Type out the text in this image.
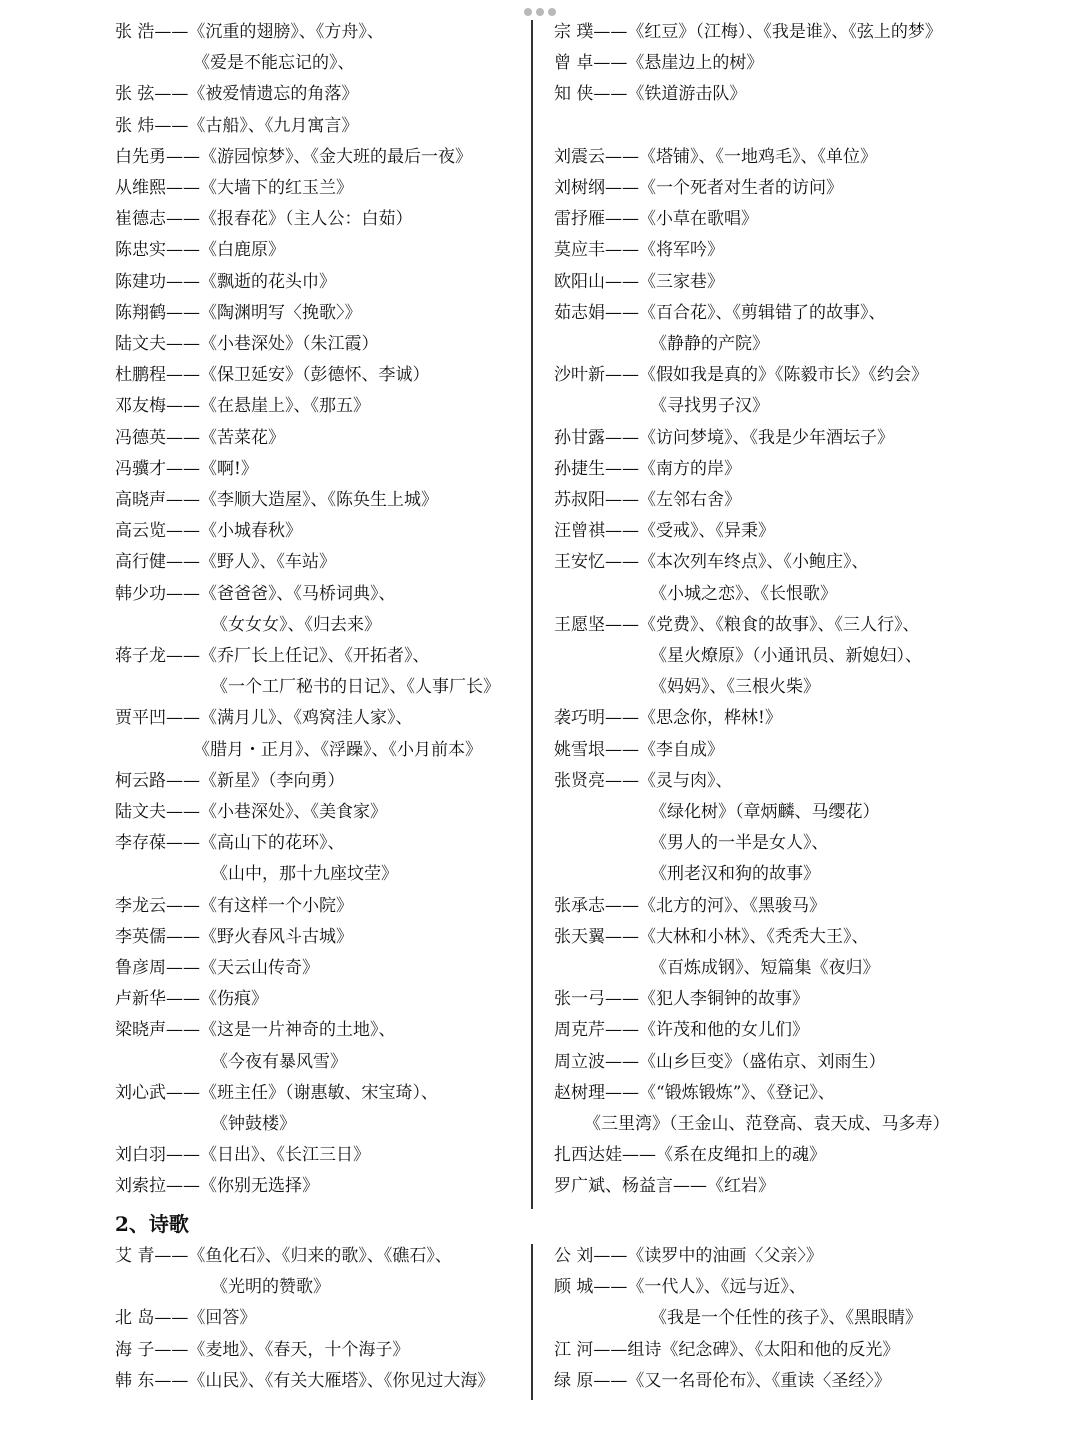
张 浩——《沉重的翅膀》、《方舟》、
《爱是不能忘记的》、
张 弦——《被爱情遗忘的角落》
张 炜——《古船》、《九月寓言》
白先勇——《游园惊梦》、《金大班的最后一夜》
从维熙——《大墙下的红玉兰》
崔德志——《报春花》（主人公：白茹）
陈忠实——《白鹿原》
陈建功——《飘逝的花头巾》
陈翔鹤——《陶渊明写〈挽歌〉》
陆文夫——《小巷深处》（朱江霞）
杜鹏程——《保卫延安》（彭德怀、李诚）
邓友梅——《在悬崖上》、《那五》
冯德英——《苦菜花》
冯骥才——《啊!》
高晓声——《李顺大造屋》、《陈奂生上城》
高云览——《小城春秋》
高行健——《野人》、《车站》
韩少功——《爸爸爸》、《马桥词典》、
《女女女》、《归去来》
蒋子龙——《乔厂长上任记》、《开拓者》、
《一个工厂秘书的日记》、《人事厂长》
贾平凹——《满月儿》、《鸡窝洼人家》、
《腊月・正月》、《浮躁》、《小月前本》
柯云路——《新星》（李向勇）
陆文夫——《小巷深处》、《美食家》
李存葆——《高山下的花环》、
《山中，那十九座坟茔》
李龙云——《有这样一个小院》
李英儒——《野火春风斗古城》
鲁彦周——《天云山传奇》
卢新华——《伤痕》
梁晓声——《这是一片神奇的土地》、
《今夜有暴风雪》
刘心武——《班主任》（谢惠敏、宋宝琦）、
《钟鼓楼》
刘白羽——《日出》、《长江三日》
刘索拉——《你别无选择》
宗 璞——《红豆》（江梅）、《我是谁》、《弦上的梦》
曾 卓——《悬崖边上的树》
知 侠——《铁道游击队》
刘震云——《塔铺》、《一地鸡毛》、《单位》
刘树纲——《一个死者对生者的访问》
雷抒雁——《小草在歌唱》
莫应丰——《将军吟》
欧阳山——《三家巷》
茹志娟——《百合花》、《剪辑错了的故事》、
《静静的产院》
沙叶新——《假如我是真的》《陈毅市长》《约会》
《寻找男子汉》
孙甘露——《访问梦境》、《我是少年酒坛子》
孙捷生——《南方的岸》
苏叔阳——《左邻右舍》
汪曾祺——《受戒》、《异秉》
王安忆——《本次列车终点》、《小鲍庄》、
《小城之恋》、《长恨歌》
王愿坚——《党费》、《粮食的故事》、《三人行》、
《星火燎原》（小通讯员、新媳妇）、
《妈妈》、《三根火柴》
袭巧明——《思念你，桦林!》
姚雪垠——《李自成》
张贤亮——《灵与肉》、
《绿化树》（章炳麟、马缨花）
《男人的一半是女人》、
《刑老汉和狗的故事》
张承志——《北方的河》、《黑骏马》
张天翼——《大林和小林》、《秃秃大王》、
《百炼成钢》、短篇集《夜归》
张一弓——《犯人李铜钟的故事》
周克芹——《许茂和他的女儿们》
周立波——《山乡巨变》（盛佑京、刘雨生）
赵树理——《“锻炼锻炼”》、《登记》、
《三里湾》（王金山、范登高、袁天成、马多寿）
扎西达娃——《系在皮绳扣上的魂》
罗广斌、杨益言——《红岩》
2、诗歌
艾 青——《鱼化石》、《归来的歌》、《礁石》、
《光明的赞歌》
北 岛——《回答》
海 子——《麦地》、《春天，十个海子》
韩 东——《山民》、《有关大雁塔》、《你见过大海》
公 刘——《读罗中的油画〈父亲〉》
顾 城——《一代人》、《远与近》、
《我是一个任性的孩子》、《黑眼睛》
江 河——组诗《纪念碑》、《太阳和他的反光》
绿 原——《又一名哥伦布》、《重读〈圣经〉》
